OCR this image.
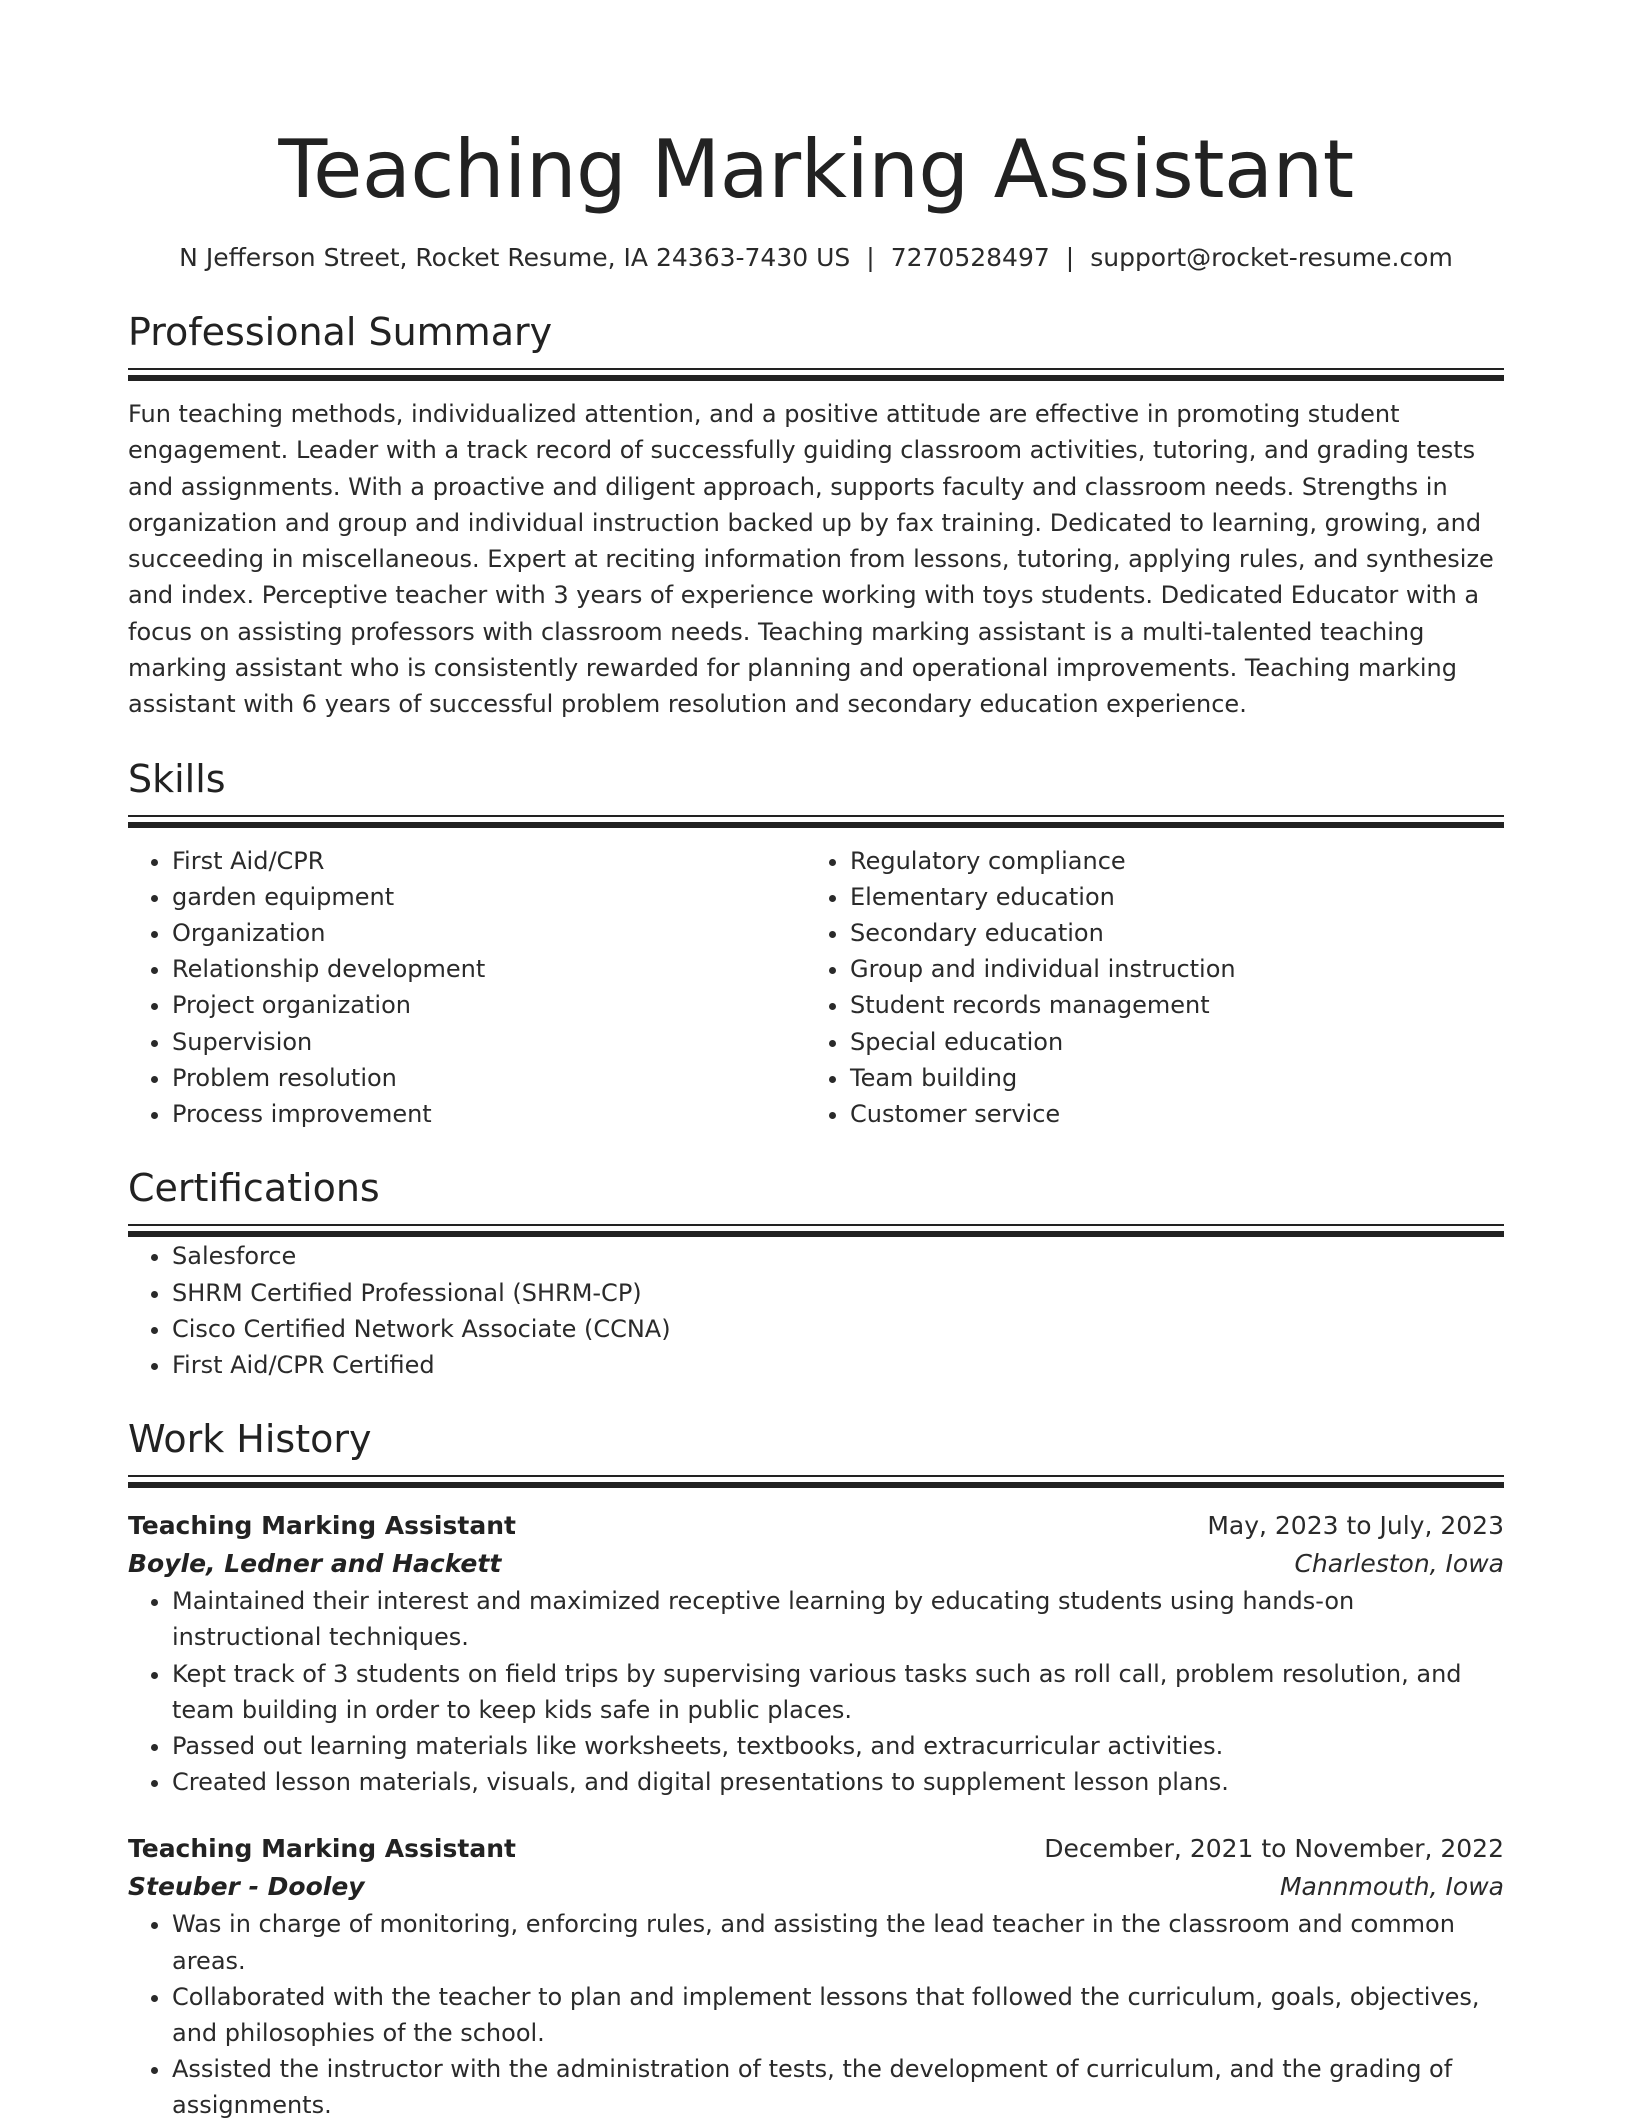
Teaching Marking Assistant
N Jefferson Street, Rocket Resume, IA 24363-7430 US | 7270528497 | support@rocket-resume.com
Professional Summary
Fun teaching methods, individualized attention, and a positive attitude are effective in promoting student engagement. Leader with a track record of successfully guiding classroom activities, tutoring, and grading tests and assignments. With a proactive and diligent approach, supports faculty and classroom needs. Strengths in organization and group and individual instruction backed up by fax training. Dedicated to learning, growing, and succeeding in miscellaneous. Expert at reciting information from lessons, tutoring, applying rules, and synthesize and index. Perceptive teacher with 3 years of experience working with toys students. Dedicated Educator with a focus on assisting professors with classroom needs. Teaching marking assistant is a multi-talented teaching marking assistant who is consistently rewarded for planning and operational improvements. Teaching marking assistant with 6 years of successful problem resolution and secondary education experience.
Skills
• First Aid/CPR
• garden equipment
• Organization
• Relationship development
• Project organization
• Supervision
• Problem resolution
• Process improvement
• Regulatory compliance
• Elementary education
• Secondary education
• Group and individual instruction
• Student records management
• Special education
• Team building
• Customer service
Certifications
• Salesforce
• SHRM Certified Professional (SHRM-CP)
• Cisco Certified Network Associate (CCNA)
• First Aid/CPR Certified
Work History
Teaching Marking Assistant	May, 2023 to July, 2023
Boyle, Ledner and Hackett	Charleston, Iowa
• Maintained their interest and maximized receptive learning by educating students using hands-on instructional techniques.
• Kept track of 3 students on field trips by supervising various tasks such as roll call, problem resolution, and team building in order to keep kids safe in public places.
• Passed out learning materials like worksheets, textbooks, and extracurricular activities.
• Created lesson materials, visuals, and digital presentations to supplement lesson plans.
Teaching Marking Assistant	December, 2021 to November, 2022
Steuber - Dooley	Mannmouth, Iowa
• Was in charge of monitoring, enforcing rules, and assisting the lead teacher in the classroom and common areas.
• Collaborated with the teacher to plan and implement lessons that followed the curriculum, goals, objectives, and philosophies of the school.
• Assisted the instructor with the administration of tests, the development of curriculum, and the grading of assignments.
